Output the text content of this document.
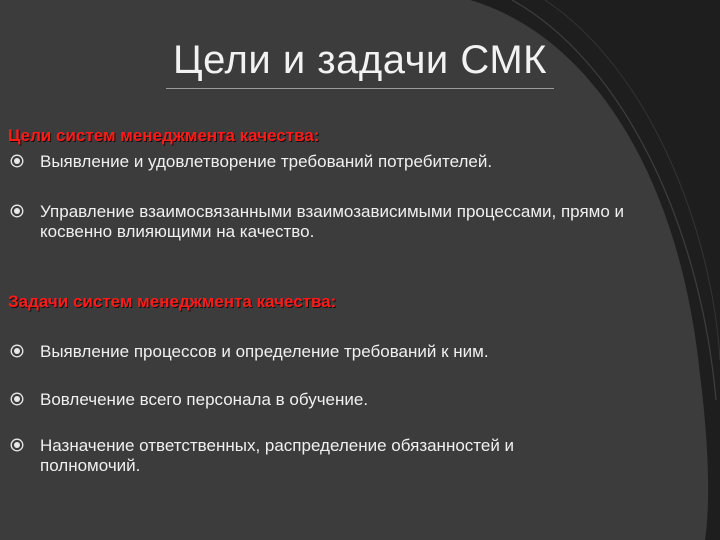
Цели и задачи СМК
Цели систем менеджмента качества:
Выявление и удовлетворение требований потребителей.
Управление взаимосвязанными взаимозависимыми процессами, прямо и косвенно влияющими на качество.
Задачи систем менеджмента качества:
Выявление процессов и определение требований к ним.
Вовлечение всего персонала в обучение.
Назначение ответственных, распределение обязанностей и полномочий.
